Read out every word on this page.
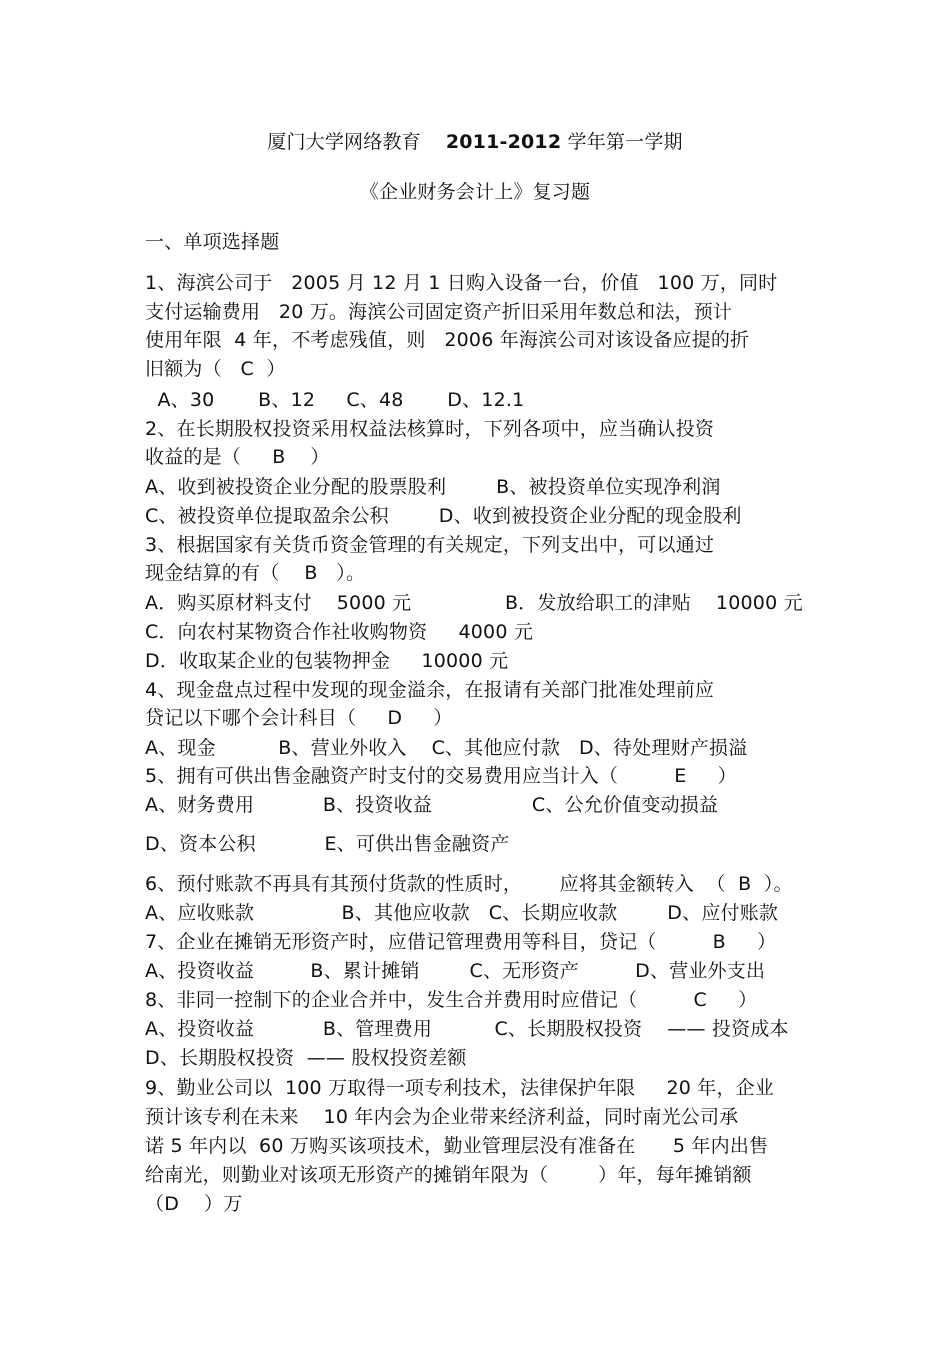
厦门大学网络教育 2011-2012 学年第一学期
《企业财务会计上》复习题
一、单项选择题
1、海滨公司于   2005 月 12 月 1 日购入设备一台，价值   100 万，同时
支付运输费用   20 万。海滨公司固定资产折旧采用年数总和法，预计
使用年限  4 年，不考虑残值，则   2006 年海滨公司对该设备应提的折
旧额为（   C  ）
A、30       B、12     C、48       D、12.1
2、在长期股权投资采用权益法核算时，下列各项中，应当确认投资
收益的是（     B    ）
A、收到被投资企业分配的股票股利        B、被投资单位实现净利润
C、被投资单位提取盈余公积        D、收到被投资企业分配的现金股利
3、根据国家有关货币资金管理的有关规定，下列支出中，可以通过
现金结算的有（    B   ）。
A．购买原材料支付    5000 元               B．发放给职工的津贴    10000 元
C．向农村某物资合作社收购物资     4000 元
D．收取某企业的包装物押金     10000 元
4、现金盘点过程中发现的现金溢余，在报请有关部门批准处理前应
贷记以下哪个会计科目（     D     ）
A、现金          B、营业外收入    C、其他应付款   D、待处理财产损溢
5、拥有可供出售金融资产时支付的交易费用应当计入（         E     ）
A、财务费用           B、投资收益                C、公允价值变动损益
D、资本公积           E、可供出售金融资产
6、预付账款不再具有其预付货款的性质时，      应将其金额转入  （  B  ）。
A、应收账款              B、其他应收款   C、长期应收款        D、应付账款
7、企业在摊销无形资产时，应借记管理费用等科目，贷记（         B     ）
A、投资收益         B、累计摊销        C、无形资产         D、营业外支出
8、非同一控制下的企业合并中，发生合并费用时应借记（         C     ）
A、投资收益           B、管理费用          C、长期股权投资    —— 投资成本
D、长期股权投资  —— 股权投资差额
9、勤业公司以  100 万取得一项专利技术，法律保护年限     20 年，企业
预计该专利在未来    10 年内会为企业带来经济利益，同时南光公司承
诺 5 年内以  60 万购买该项技术，勤业管理层没有准备在      5 年内出售
给南光，则勤业对该项无形资产的摊销年限为（        ）年，每年摊销额
（D    ）万
